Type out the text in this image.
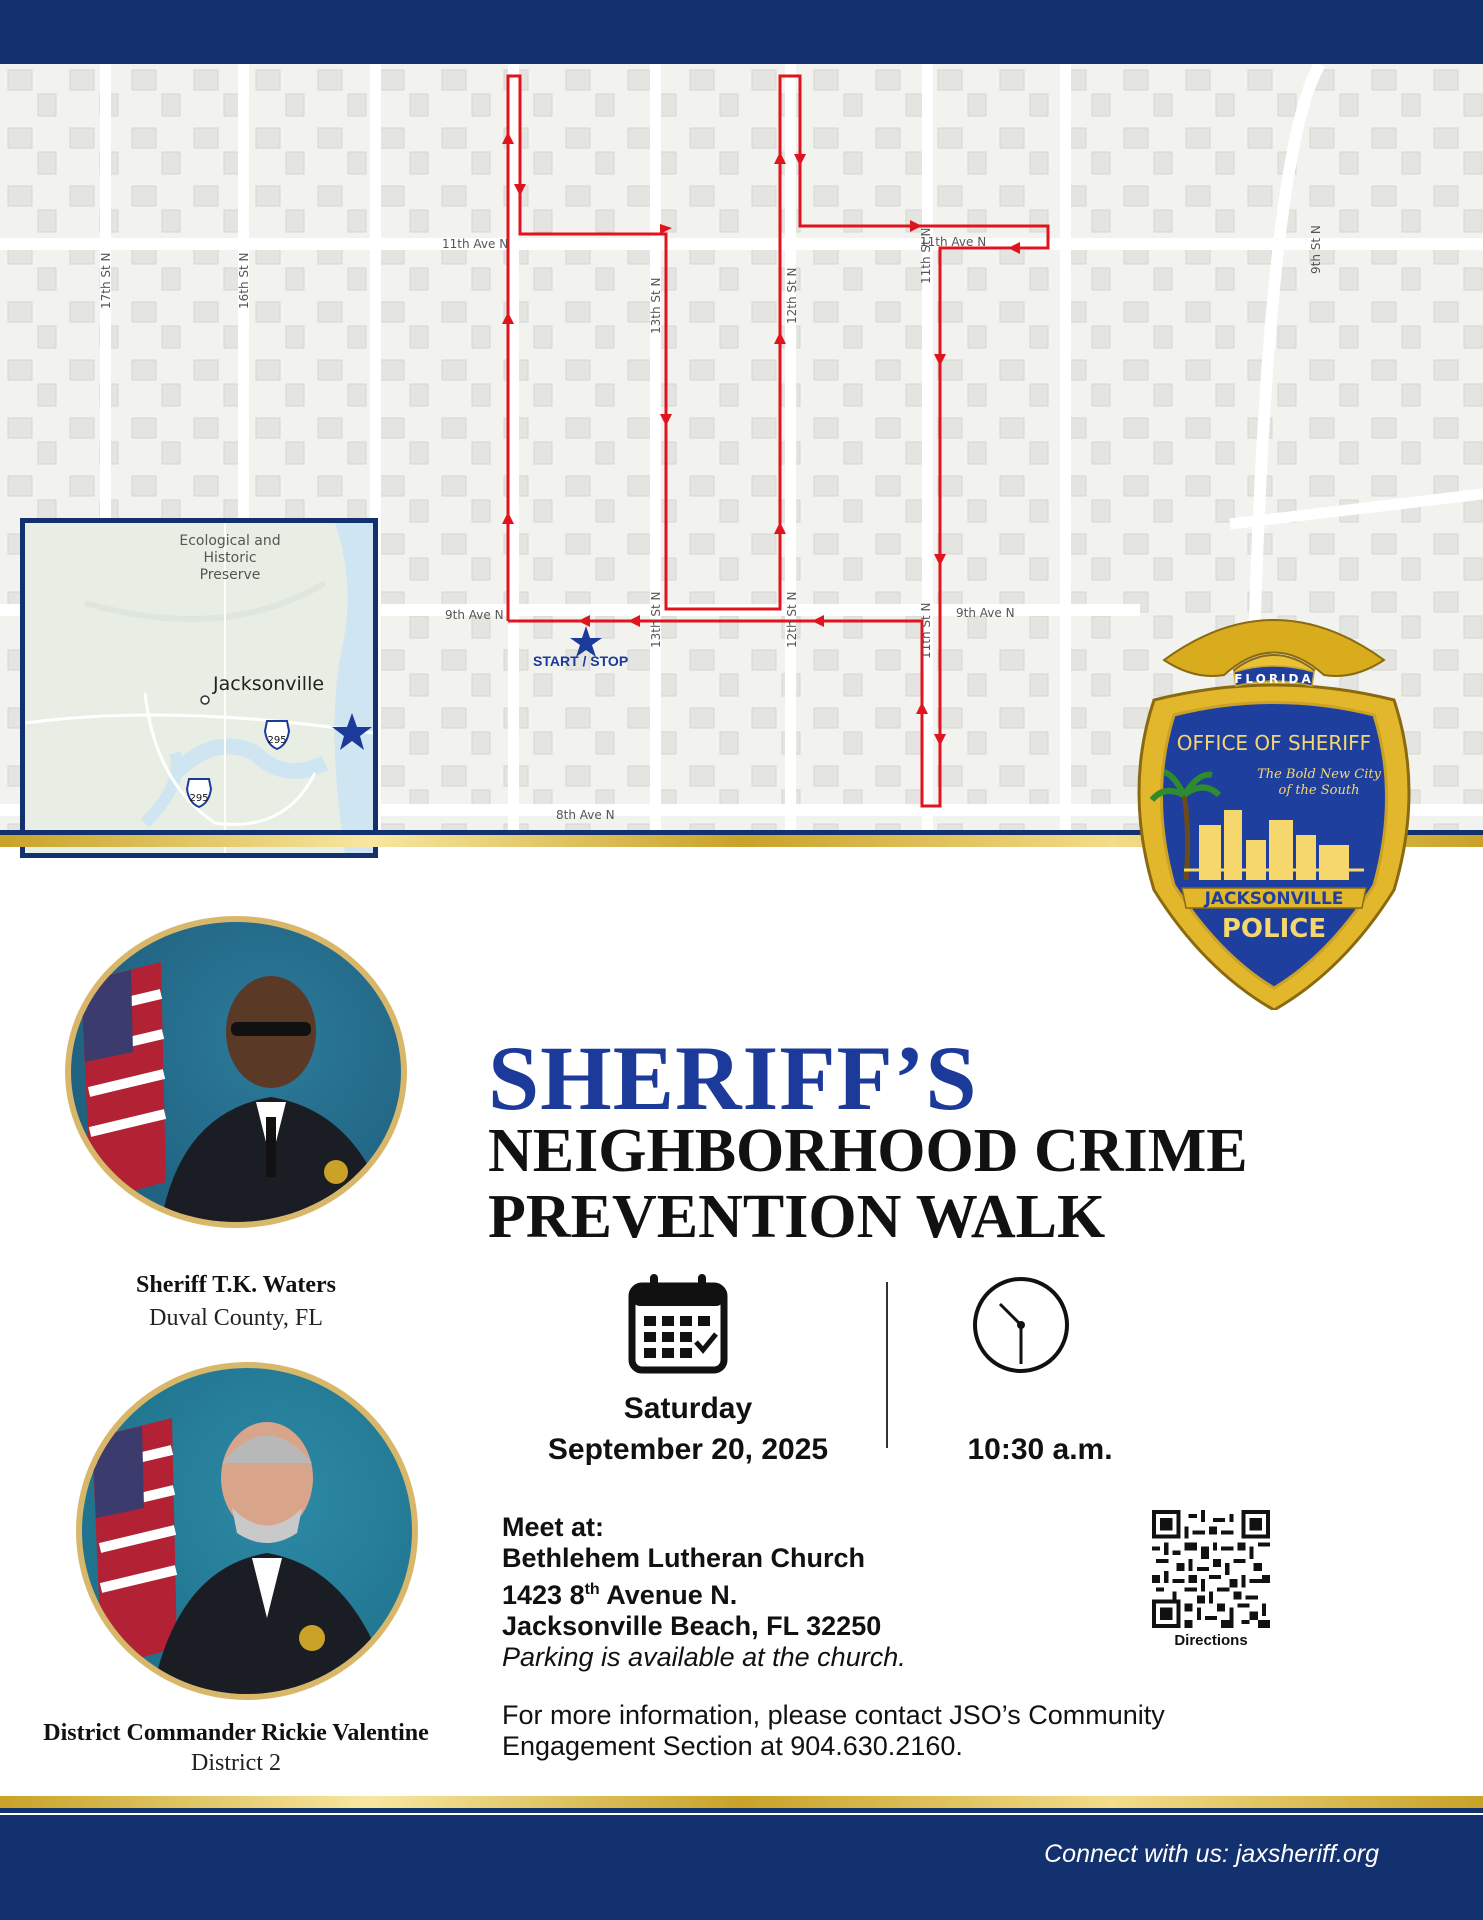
11th Ave N	11th Ave N
9th Ave N	9th Ave N
8th Ave N
17th St N	16th St N	13th St N
13th St N
12th St N
12th St N
11th St N
11th St N
9th St N
START / STOP
Ecological and
Historic
Preserve
Jacksonville
295
295
FLORIDA
OFFICE OF SHERIFF
The Bold New City
of the South
JACKSONVILLE
POLICE
Sheriff T.K. Waters
Duval County, FL
District Commander Rickie Valentine
District 2
SHERIFF’S
NEIGHBORHOOD CRIME
PREVENTION WALK
Saturday
September 20, 2025	10:30 a.m.
Meet at:
Bethlehem Lutheran Church
1423 8th Avenue N.
Jacksonville Beach, FL 32250
Parking is available at the church.
Directions
For more information, please contact JSO’s Community
Engagement Section at 904.630.2160.
Connect with us: jaxsheriff.org
